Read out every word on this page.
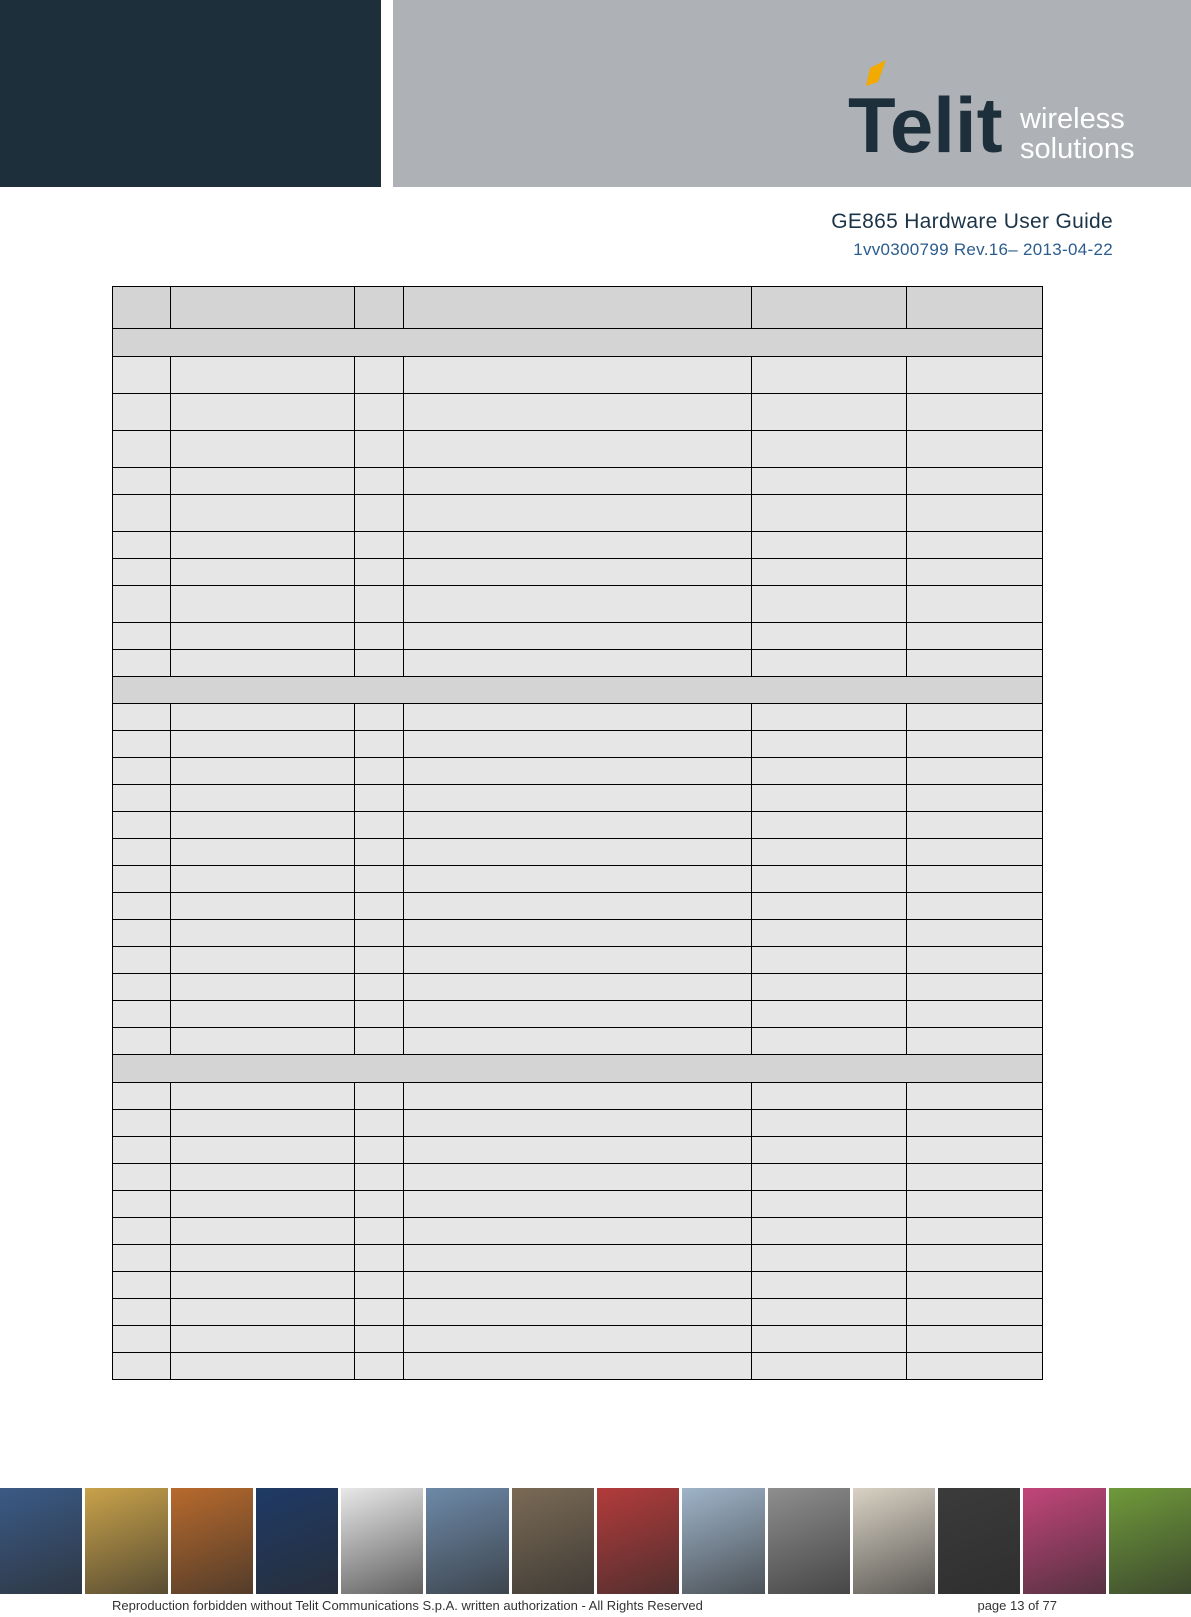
Telit wireless
solutions
GE865 Hardware User Guide
1vv0300799 Rev.16– 2013-04-22

Reproduction forbidden without Telit Communications S.p.A. written authorization - All Rights Reserved	page 13 of 77
